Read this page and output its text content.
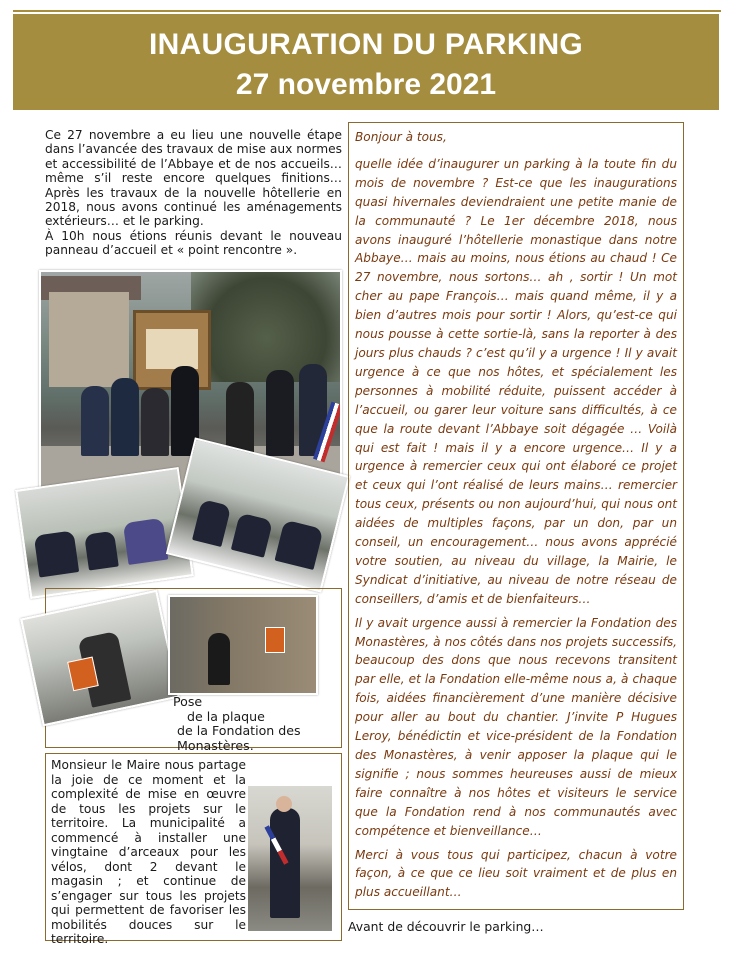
INAUGURATION DU PARKING
27 novembre 2021

Ce 27 novembre a eu lieu une nouvelle étape dans l’avancée des travaux de mise aux normes et accessibilité de l’Abbaye et de nos accueils… même s’il reste encore quelques finitions… Après les travaux de la nouvelle hôtellerie en 2018, nous avons continué les aménagements extérieurs… et le parking.

À 10h nous étions réunis devant le nouveau panneau d’accueil et « point rencontre ».

Pose
de la plaque
de la Fondation des Monastères.
Monsieur le Maire nous partage la joie de ce moment et la complexité de mise en œuvre de tous les projets sur le territoire. La municipalité a commencé à installer une vingtaine d’arceaux pour les vélos, dont 2 devant le magasin ; et continue de s’engager sur tous les projets qui permettent de favoriser les mobilités douces sur le territoire.

Bonjour à tous,

quelle idée d’inaugurer un parking à la toute fin du mois de novembre ? Est-ce que les inaugurations quasi hivernales deviendraient une petite manie de la communauté ? Le 1er décembre 2018, nous avons inauguré l’hôtellerie monastique dans notre Abbaye… mais au moins, nous étions au chaud ! Ce 27 novembre, nous sortons… ah , sortir ! Un mot cher au pape François… mais quand même, il y a bien d’autres mois pour sortir ! Alors, qu’est-ce qui nous pousse à cette sortie-là, sans la reporter à des jours plus chauds ? c’est qu’il y a urgence ! Il y avait urgence à ce que nos hôtes, et spécialement les personnes à mobilité réduite, puissent accéder à l’accueil, ou garer leur voiture sans difficultés, à ce que la route devant l’Abbaye soit dégagée … Voilà qui est fait ! mais il y a encore urgence… Il y a urgence à remercier ceux qui ont élaboré ce projet et ceux qui l’ont réalisé de leurs mains… remercier tous ceux, présents ou non aujourd’hui, qui nous ont aidées de multiples façons, par un don, par un conseil, un encouragement… nous avons apprécié votre soutien, au niveau du village, la Mairie, le Syndicat d’initiative, au niveau de notre réseau de conseillers, d’amis et de bienfaiteurs…

Il y avait urgence aussi à remercier la Fondation des Monastères, à nos côtés dans nos projets successifs, beaucoup des dons que nous recevons transitent par elle, et la Fondation elle-même nous a, à chaque fois, aidées financièrement d’une manière décisive pour aller au bout du chantier. J’invite P Hugues Leroy, bénédictin et vice-président de la Fondation des Monastères, à venir apposer la plaque qui le signifie ; nous sommes heureuses aussi de mieux faire connaître à nos hôtes et visiteurs le service que la Fondation rend à nos communautés avec compétence et bienveillance…

Merci à vous tous qui participez, chacun à votre façon, à ce que ce lieu soit vraiment et de plus en plus accueillant…

Avant de découvrir le parking…
